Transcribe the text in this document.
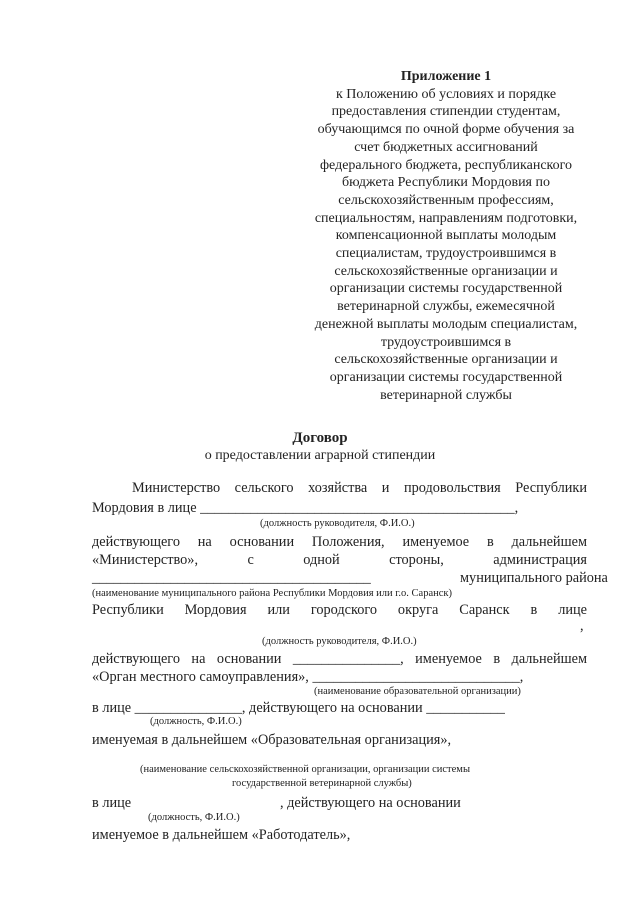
Приложение 1
к Положению об условиях и порядке
предоставления стипендии студентам,
обучающимся по очной форме обучения за
счет бюджетных ассигнований
федерального бюджета, республиканского
бюджета Республики Мордовия по
сельскохозяйственным профессиям,
специальностям, направлениям подготовки,
компенсационной выплаты молодым
специалистам, трудоустроившимся в
сельскохозяйственные организации и
организации системы государственной
ветеринарной службы, ежемесячной
денежной выплаты молодым специалистам,
трудоустроившимся в
сельскохозяйственные организации и
организации системы государственной
ветеринарной службы
Договор
о предоставлении аграрной стипендии
Министерство сельского хозяйства и продовольствия Республики
Мордовия в лице ____________________________________________,
(должность руководителя, Ф.И.О.)
действующего на основании Положения, именуемое в дальнейшем
«Министерство», с одной стороны, администрация
_______________________________________	муниципального района
(наименование муниципального района Республики Мордовия или г.о. Саранск)
Республики Мордовия или городского округа Саранск в лице
,
(должность руководителя, Ф.И.О.)
действующего на основании _______________, именуемое в дальнейшем
«Орган местного самоуправления», _____________________________,
(наименование образовательной организации)
в лице _______________, действующего на основании ___________
(должность, Ф.И.О.)
именуемая в дальнейшем «Образовательная организация»,
(наименование сельскохозяйственной организации, организации системы
государственной ветеринарной службы)
в лице	, действующего на основании
(должность, Ф.И.О.)
именуемое в дальнейшем «Работодатель»,
